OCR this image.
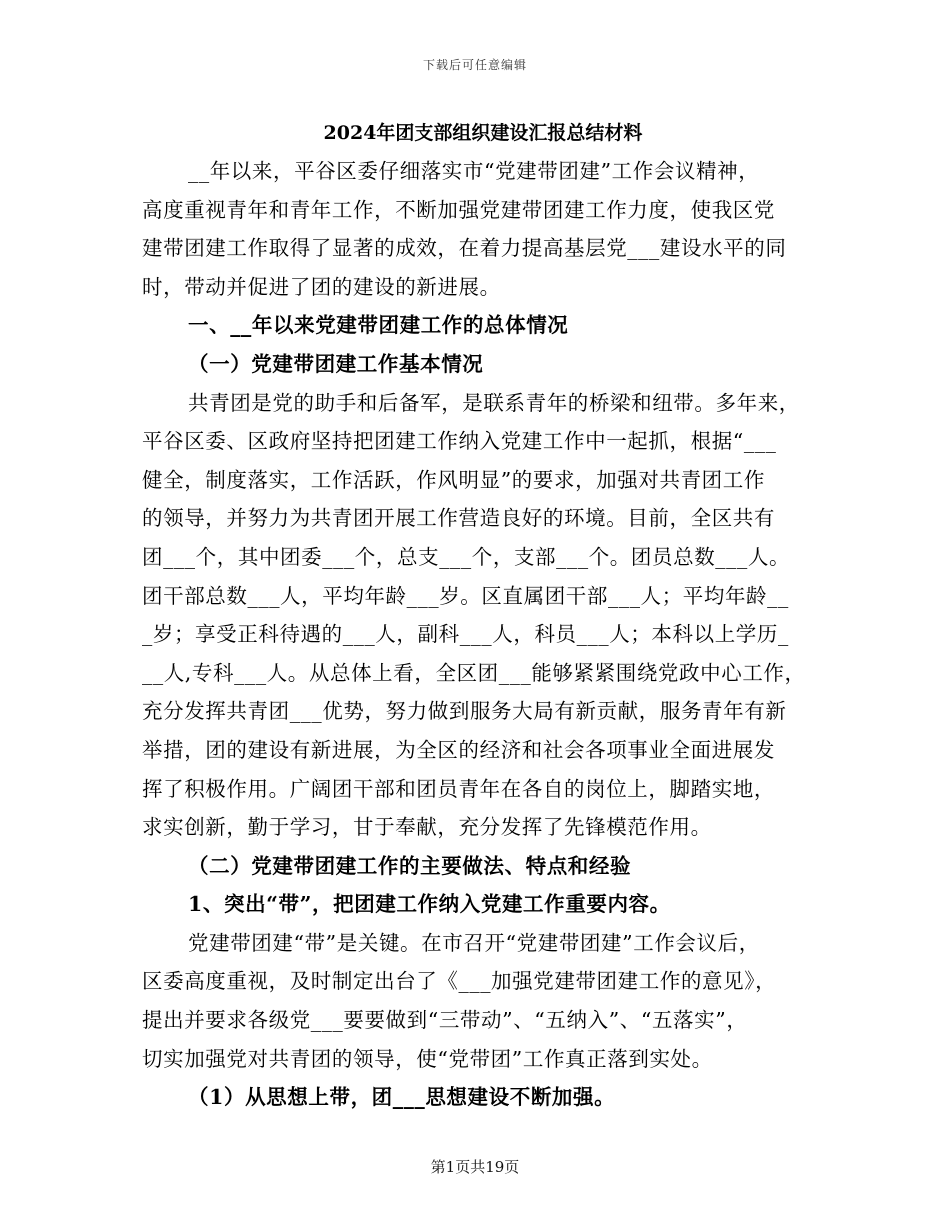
下载后可任意编辑
2024年团支部组织建设汇报总结材料
__年以来，平谷区委仔细落实市“党建带团建”工作会议精神，
高度重视青年和青年工作，不断加强党建带团建工作力度，使我区党
建带团建工作取得了显著的成效，在着力提高基层党___建设水平的同
时，带动并促进了团的建设的新进展。
一、__年以来党建带团建工作的总体情况
（一）党建带团建工作基本情况
共青团是党的助手和后备军，是联系青年的桥梁和纽带。多年来，
平谷区委、区政府坚持把团建工作纳入党建工作中一起抓，根据“___
健全，制度落实，工作活跃，作风明显”的要求，加强对共青团工作
的领导，并努力为共青团开展工作营造良好的环境。目前，全区共有
团___个，其中团委___个，总支___个，支部___个。团员总数___人。
团干部总数___人，平均年龄___岁。区直属团干部___人；平均年龄__
_岁；享受正科待遇的___人，副科___人，科员___人；本科以上学历_
__人,专科___人。从总体上看，全区团___能够紧紧围绕党政中心工作，
充分发挥共青团___优势，努力做到服务大局有新贡献，服务青年有新
举措，团的建设有新进展，为全区的经济和社会各项事业全面进展发
挥了积极作用。广阔团干部和团员青年在各自的岗位上，脚踏实地，
求实创新，勤于学习，甘于奉献，充分发挥了先锋模范作用。
（二）党建带团建工作的主要做法、特点和经验
1、突出“带”，把团建工作纳入党建工作重要内容。
党建带团建“带”是关键。在市召开“党建带团建”工作会议后，
区委高度重视，及时制定出台了《___加强党建带团建工作的意见》，
提出并要求各级党___要要做到“三带动”、“五纳入”、“五落实”，
切实加强党对共青团的领导，使“党带团”工作真正落到实处。
（1）从思想上带，团___思想建设不断加强。
第1页共19页
